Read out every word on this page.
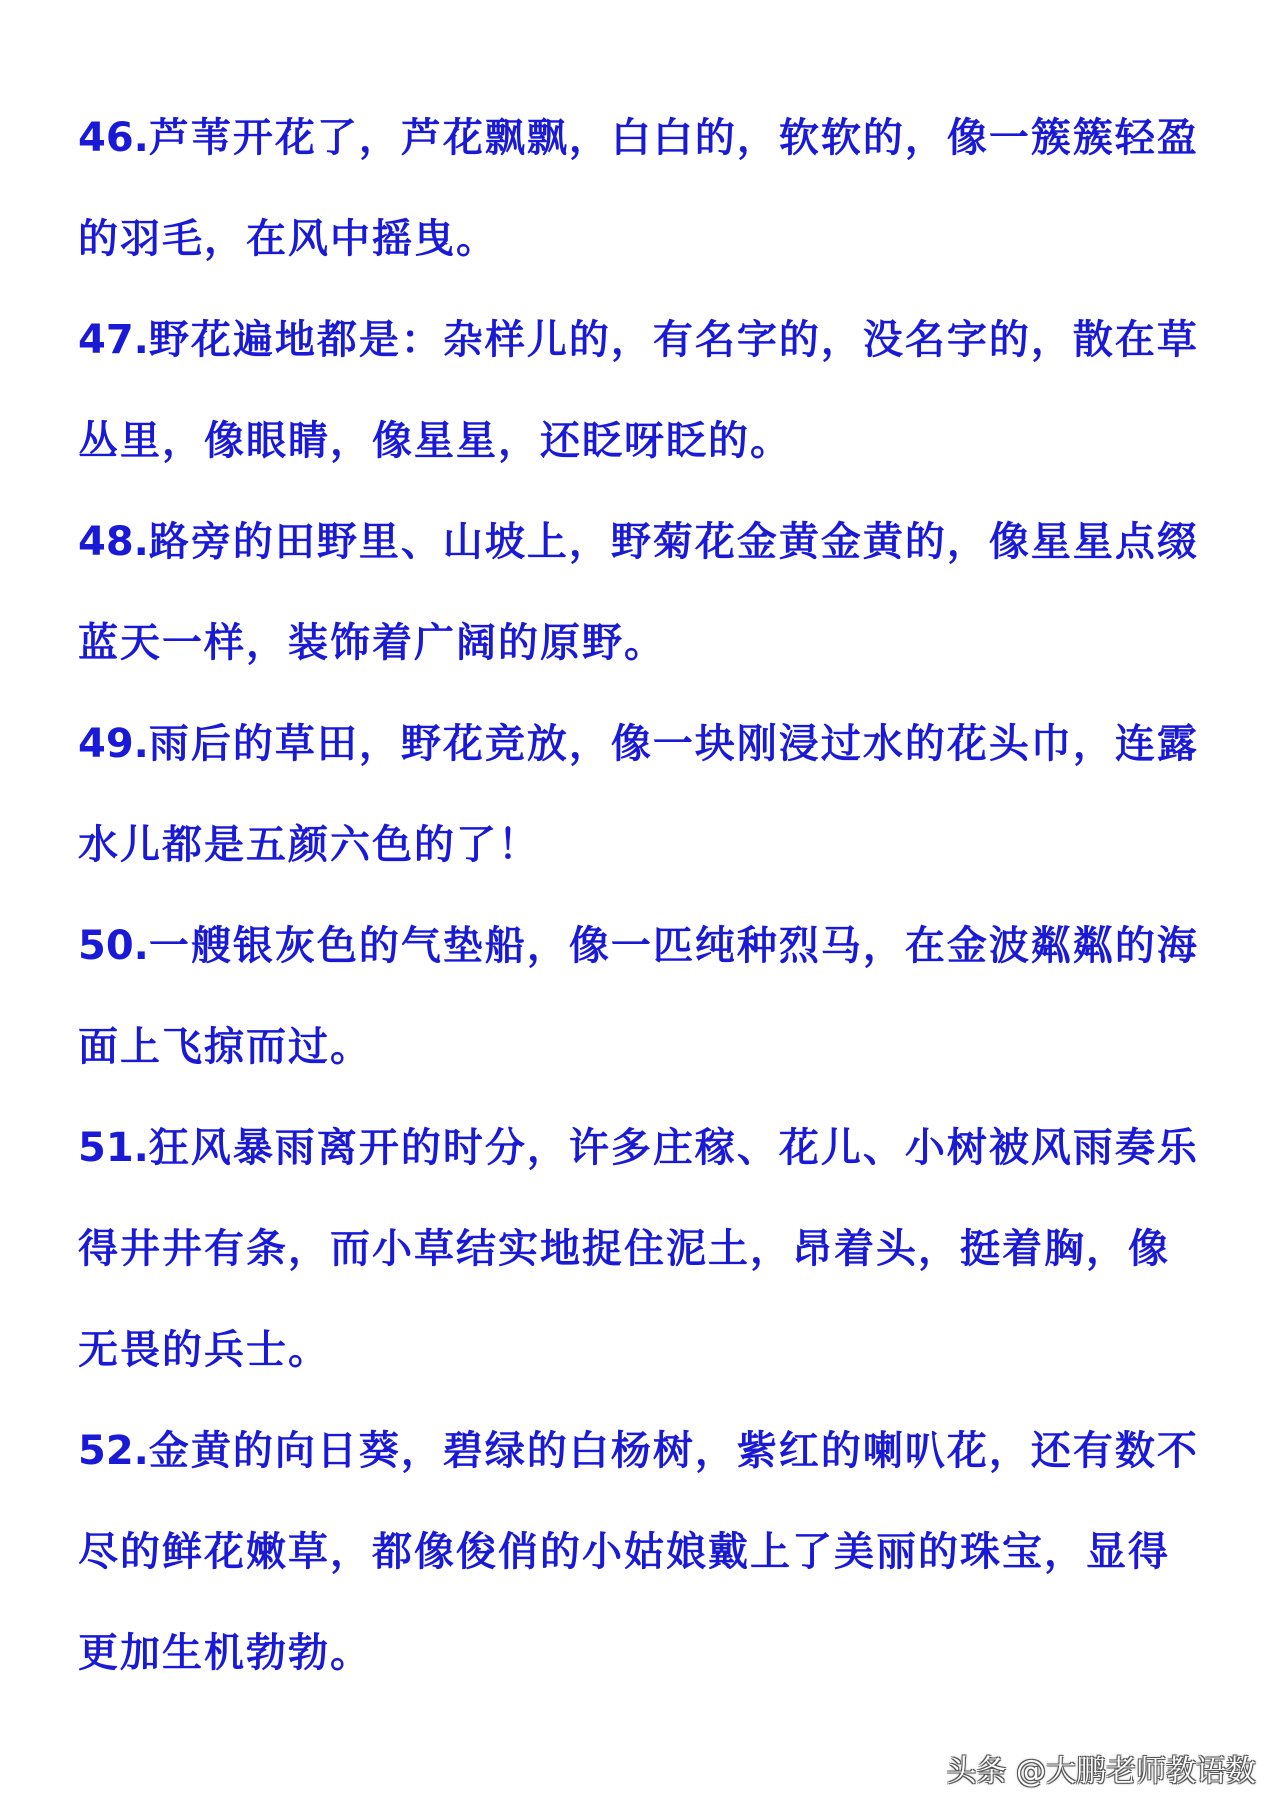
46.芦苇开花了，芦花飘飘，白白的，软软的，像一簇簇轻盈的羽毛，在风中摇曳。

47.野花遍地都是：杂样儿的，有名字的，没名字的，散在草丛里，像眼睛，像星星，还眨呀眨的。

48.路旁的田野里、山坡上，野菊花金黄金黄的，像星星点缀蓝天一样，装饰着广阔的原野。

49.雨后的草田，野花竞放，像一块刚浸过水的花头巾，连露水儿都是五颜六色的了！

50.一艘银灰色的气垫船，像一匹纯种烈马，在金波粼粼的海面上飞掠而过。

51.狂风暴雨离开的时分，许多庄稼、花儿、小树被风雨奏乐得井井有条，而小草结实地捉住泥土，昂着头，挺着胸，像无畏的兵士。

52.金黄的向日葵，碧绿的白杨树，紫红的喇叭花，还有数不尽的鲜花嫩草，都像俊俏的小姑娘戴上了美丽的珠宝，显得更加生机勃勃。

头条 @大鹏老师教语数
